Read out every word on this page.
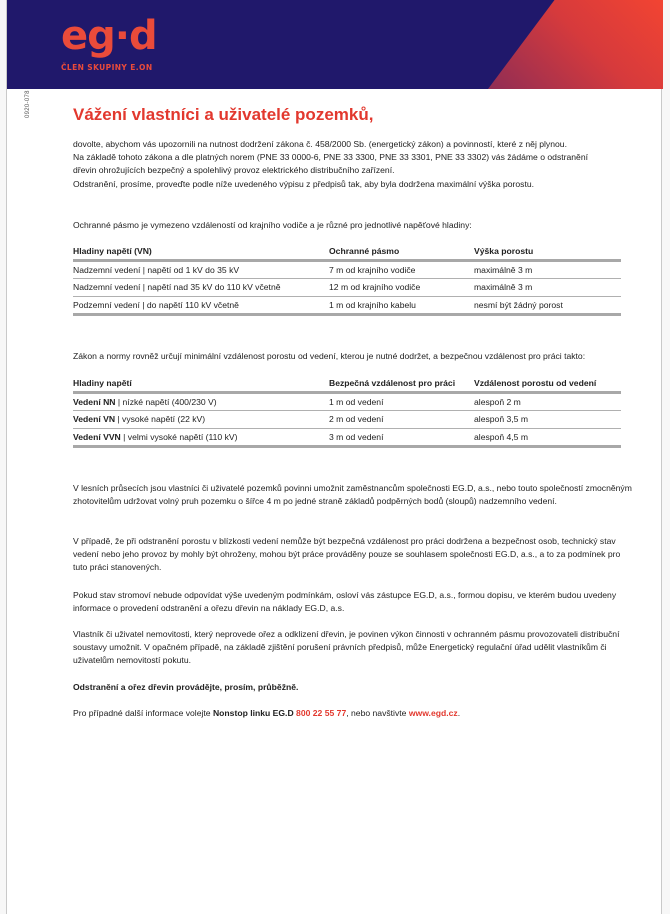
eg·d
ČLEN SKUPINY E.ON
0920-078 Vážení vlastníci a uživatelé pozemků,
dovolte, abychom vás upozornili na nutnost dodržení zákona č. 458/2000 Sb. (energetický zákon) a povinností, které z něj plynou.
Na základě tohoto zákona a dle platných norem (PNE 33 0000-6, PNE 33 3300, PNE 33 3301, PNE 33 3302) vás žádáme o odstranění
dřevin ohrožujících bezpečný a spolehlivý provoz elektrického distribučního zařízení.
Odstranění, prosíme, proveďte podle níže uvedeného výpisu z předpisů tak, aby byla dodržena maximální výška porostu.
Ochranné pásmo je vymezeno vzdáleností od krajního vodiče a je různé pro jednotlivé napěťové hladiny:
Hladiny napětí (VN)	Ochranné pásmo	Výška porostu
Nadzemní vedení | napětí od 1 kV do 35 kV	7 m od krajního vodiče	maximálně 3 m
Nadzemní vedení | napětí nad 35 kV do 110 kV včetně	12 m od krajního vodiče	maximálně 3 m
Podzemní vedení | do napětí 110 kV včetně	1 m od krajního kabelu	nesmí být žádný porost
Zákon a normy rovněž určují minimální vzdálenost porostu od vedení, kterou je nutné dodržet, a bezpečnou vzdálenost pro práci takto:
Hladiny napětí	Bezpečná vzdálenost pro práci	Vzdálenost porostu od vedení
Vedení NN | nízké napětí (400/230 V)	1 m od vedení	alespoň 2 m
Vedení VN | vysoké napětí (22 kV)	2 m od vedení	alespoň 3,5 m
Vedení VVN | velmi vysoké napětí (110 kV)	3 m od vedení	alespoň 4,5 m
V lesních průsecích jsou vlastníci či uživatelé pozemků povinni umožnit zaměstnancům společnosti EG.D, a.s., nebo touto společností zmocněným zhotovitelům udržovat volný pruh pozemku o šířce 4 m po jedné straně základů podpěrných bodů (sloupů) nadzemního vedení.
V případě, že při odstranění porostu v blízkosti vedení nemůže být bezpečná vzdálenost pro práci dodržena a bezpečnost osob, technický stav vedení nebo jeho provoz by mohly být ohroženy, mohou být práce prováděny pouze se souhlasem společnosti EG.D, a.s., a to za podmínek pro tuto práci stanovených.
Pokud stav stromoví nebude odpovídat výše uvedeným podmínkám, osloví vás zástupce EG.D, a.s., formou dopisu, ve kterém budou uvedeny informace o provedení odstranění a ořezu dřevin na náklady EG.D, a.s.
Vlastník či uživatel nemovitosti, který neprovede ořez a odklizení dřevin, je povinen výkon činnosti v ochranném pásmu provozovateli distribuční soustavy umožnit. V opačném případě, na základě zjištění porušení právních předpisů, může Energetický regulační úřad udělit vlastníkům či uživatelům nemovitostí pokutu.
Odstranění a ořez dřevin provádějte, prosím, průběžně.
Pro případné další informace volejte Nonstop linku EG.D 800 22 55 77, nebo navštivte www.egd.cz.
